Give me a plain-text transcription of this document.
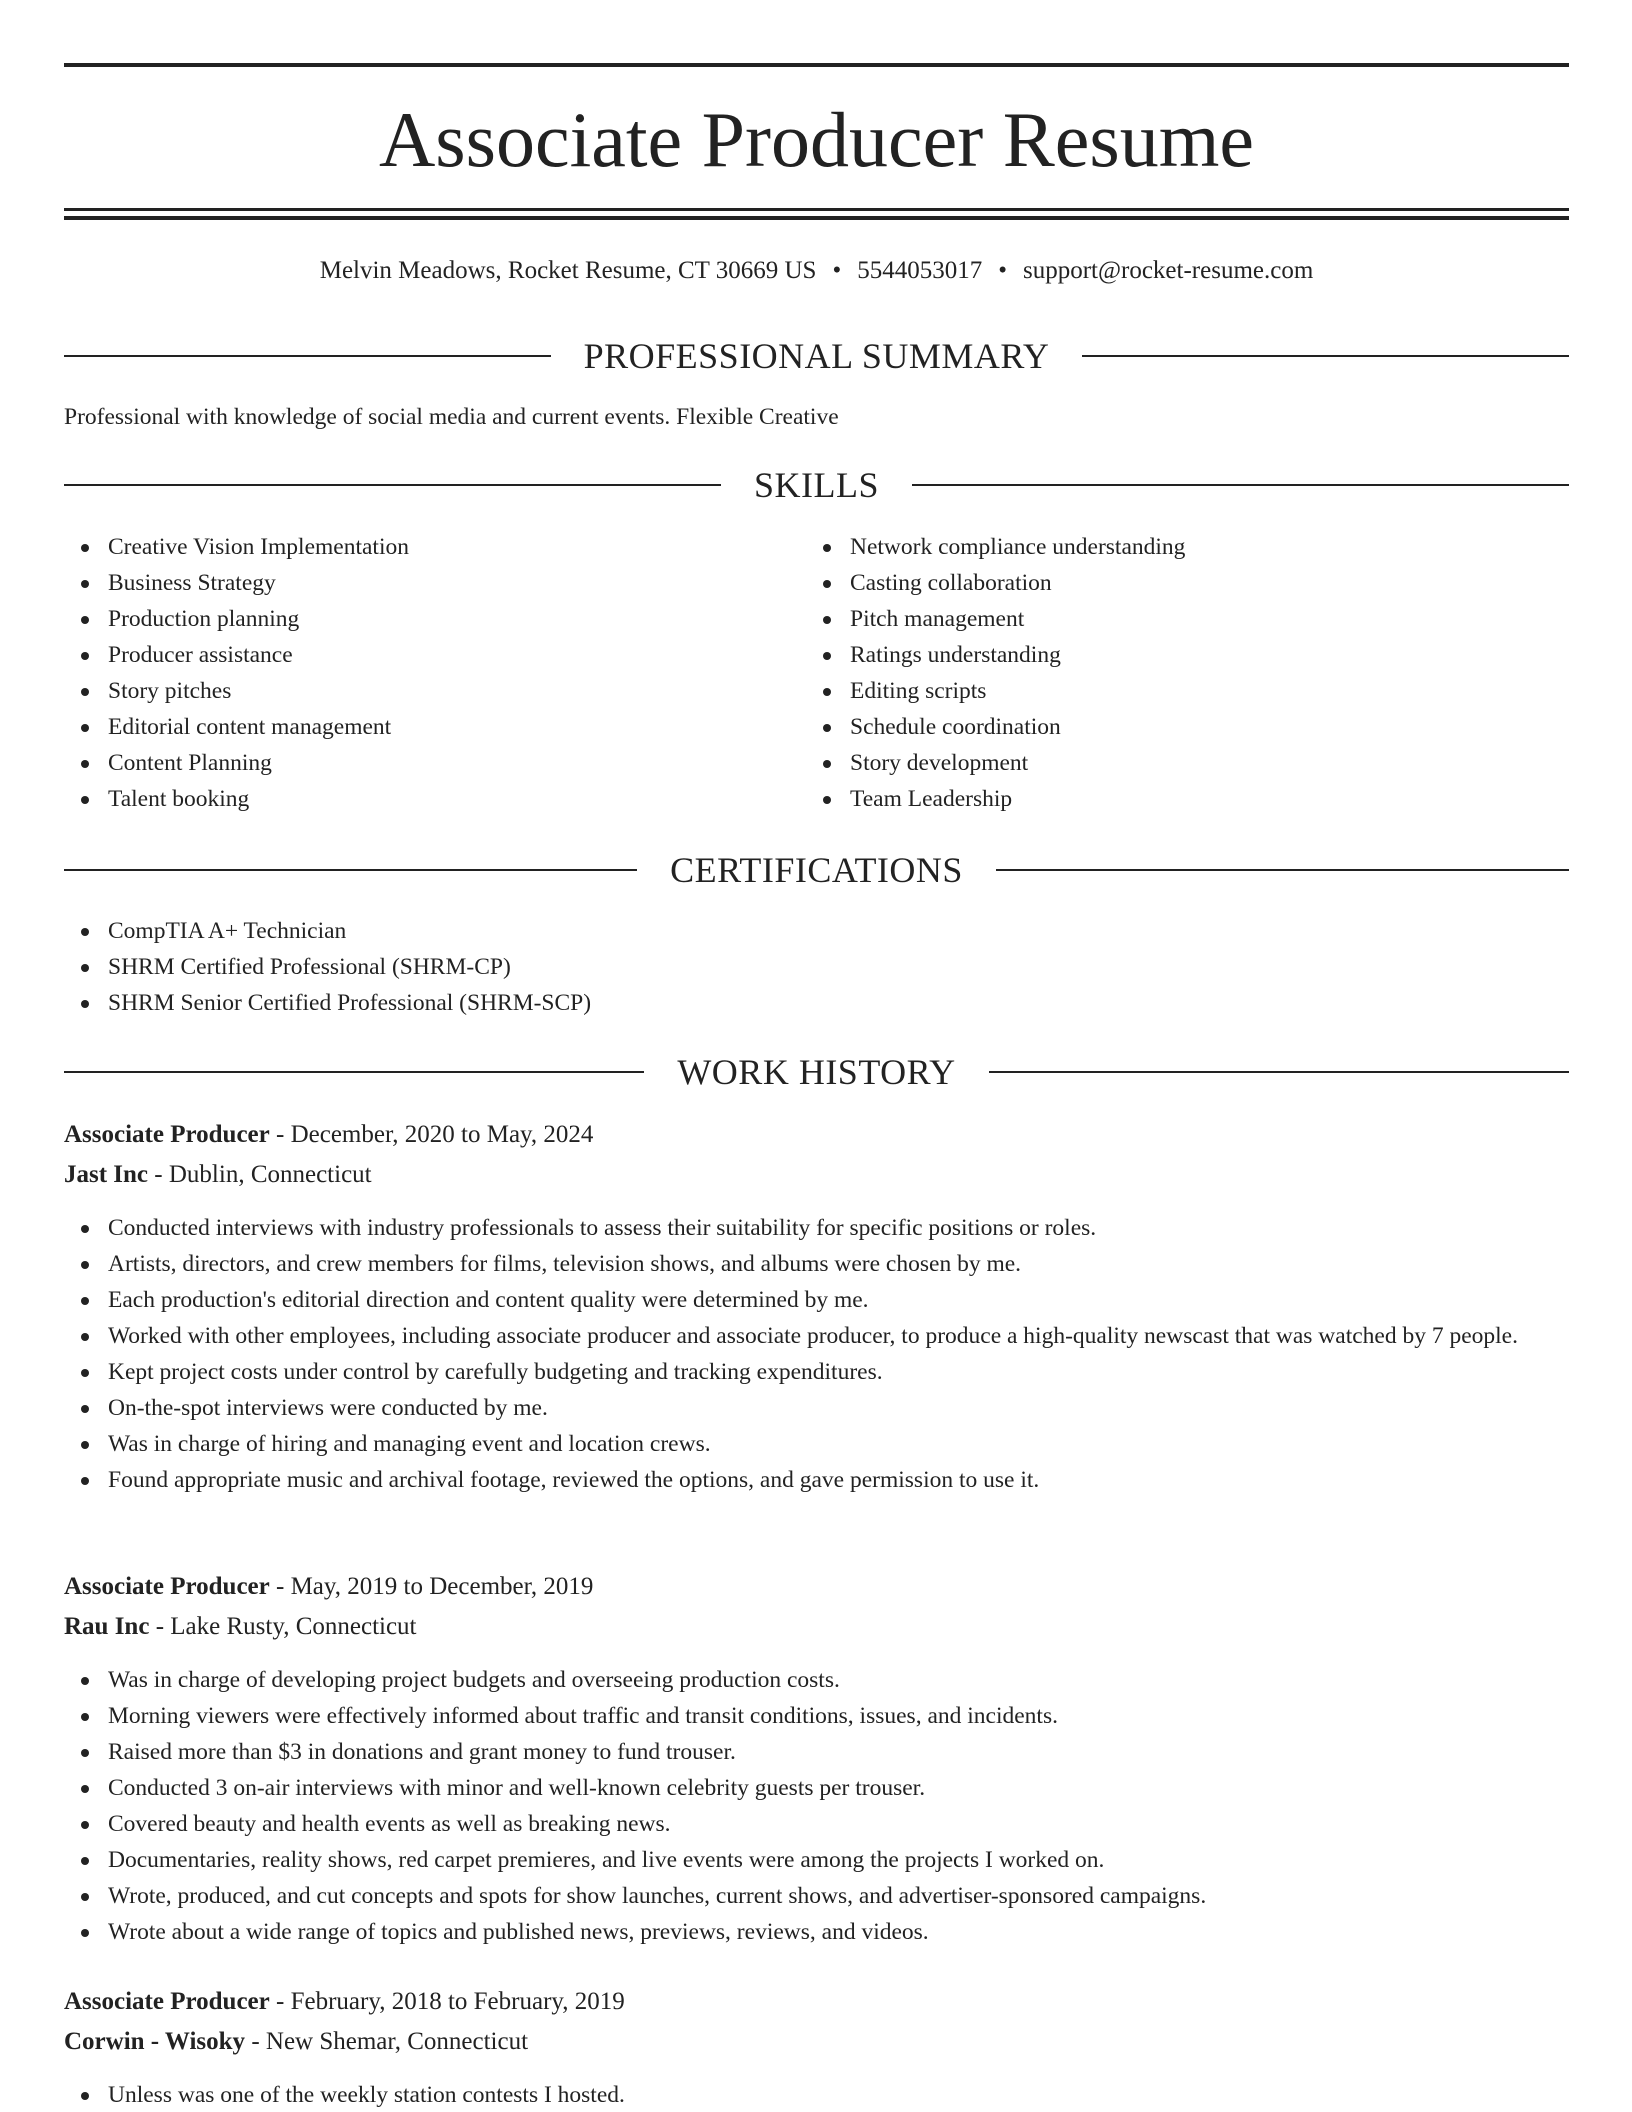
Associate Producer Resume
Melvin Meadows, Rocket Resume, CT 30669 US • 5544053017 • support@rocket-resume.com
PROFESSIONAL SUMMARY

Professional with knowledge of social media and current events. Flexible Creative

SKILLS
Creative Vision Implementation
Business Strategy
Production planning
Producer assistance
Story pitches
Editorial content management
Content Planning
Talent booking
Network compliance understanding
Casting collaboration
Pitch management
Ratings understanding
Editing scripts
Schedule coordination
Story development
Team Leadership
CERTIFICATIONS
CompTIA A+ Technician
SHRM Certified Professional (SHRM-CP)
SHRM Senior Certified Professional (SHRM-SCP)
WORK HISTORY
Associate Producer - December, 2020 to May, 2024
Jast Inc - Dublin, Connecticut
Conducted interviews with industry professionals to assess their suitability for specific positions or roles.
Artists, directors, and crew members for films, television shows, and albums were chosen by me.
Each production's editorial direction and content quality were determined by me.
Worked with other employees, including associate producer and associate producer, to produce a high-quality newscast that was watched by 7 people.
Kept project costs under control by carefully budgeting and tracking expenditures.
On-the-spot interviews were conducted by me.
Was in charge of hiring and managing event and location crews.
Found appropriate music and archival footage, reviewed the options, and gave permission to use it.
Associate Producer - May, 2019 to December, 2019
Rau Inc - Lake Rusty, Connecticut
Was in charge of developing project budgets and overseeing production costs.
Morning viewers were effectively informed about traffic and transit conditions, issues, and incidents.
Raised more than $3 in donations and grant money to fund trouser.
Conducted 3 on-air interviews with minor and well-known celebrity guests per trouser.
Covered beauty and health events as well as breaking news.
Documentaries, reality shows, red carpet premieres, and live events were among the projects I worked on.
Wrote, produced, and cut concepts and spots for show launches, current shows, and advertiser-sponsored campaigns.
Wrote about a wide range of topics and published news, previews, reviews, and videos.
Associate Producer - February, 2018 to February, 2019
Corwin - Wisoky - New Shemar, Connecticut
Unless was one of the weekly station contests I hosted.
